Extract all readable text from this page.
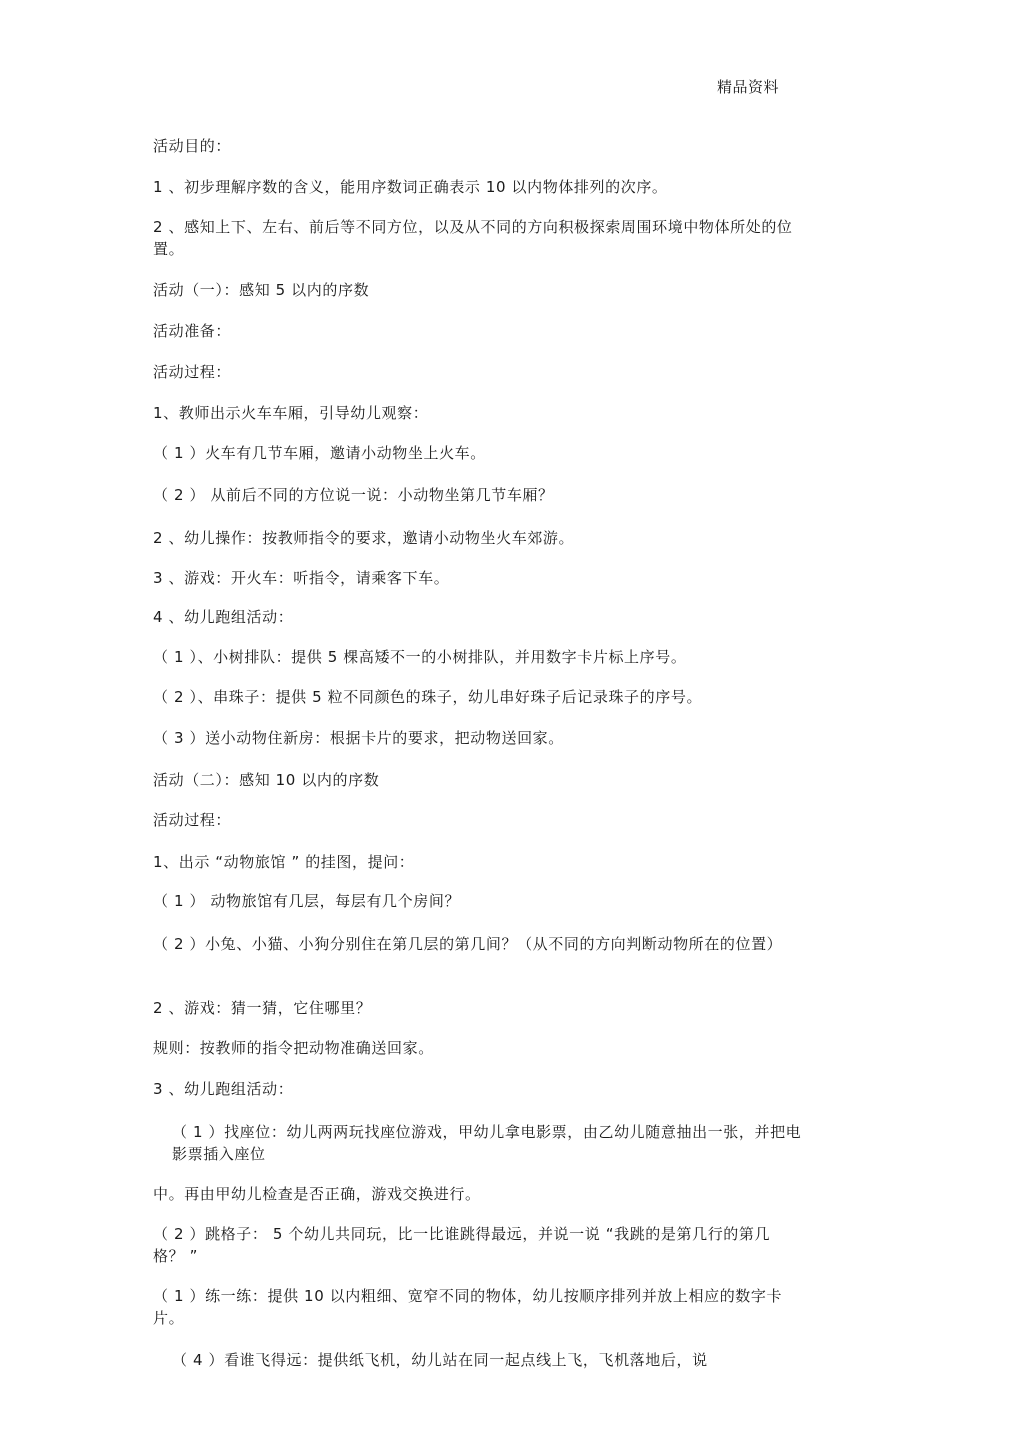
精品资料
活动目的：
1 、初步理解序数的含义，能用序数词正确表示 10 以内物体排列的次序。
2 、感知上下、左右、前后等不同方位，以及从不同的方向积极探索周围环境中物体所处的位置。
活动（一）：感知 5 以内的序数
活动准备：
活动过程：
1、教师出示火车车厢，引导幼儿观察：
（ 1 ）火车有几节车厢，邀请小动物坐上火车。
（ 2 ） 从前后不同的方位说一说：小动物坐第几节车厢？
2 、幼儿操作：按教师指令的要求，邀请小动物坐火车郊游。
3 、游戏：开火车：听指令，请乘客下车。
4 、幼儿跑组活动：
（ 1 ）、小树排队：提供 5 棵高矮不一的小树排队，并用数字卡片标上序号。
（ 2 ）、串珠子：提供 5 粒不同颜色的珠子，幼儿串好珠子后记录珠子的序号。
（ 3 ）送小动物住新房：根据卡片的要求，把动物送回家。
活动（二）：感知 10 以内的序数
活动过程：
1、出示 “动物旅馆 ” 的挂图，提问：
（ 1 ） 动物旅馆有几层，每层有几个房间？
（ 2 ）小兔、小猫、小狗分别住在第几层的第几间？（从不同的方向判断动物所在的位置）
2 、游戏：猜一猜，它住哪里？
规则：按教师的指令把动物准确送回家。
3 、幼儿跑组活动：
（ 1 ）找座位：幼儿两两玩找座位游戏，甲幼儿拿电影票，由乙幼儿随意抽出一张，并把电影票插入座位
中。再由甲幼儿检查是否正确，游戏交换进行。
（ 2 ）跳格子： 5 个幼儿共同玩，比一比谁跳得最远，并说一说 “我跳的是第几行的第几格？ ”
（ 1 ）练一练：提供 10 以内粗细、宽窄不同的物体，幼儿按顺序排列并放上相应的数字卡片。
（ 4 ）看谁飞得远：提供纸飞机，幼儿站在同一起点线上飞，飞机落地后，说
